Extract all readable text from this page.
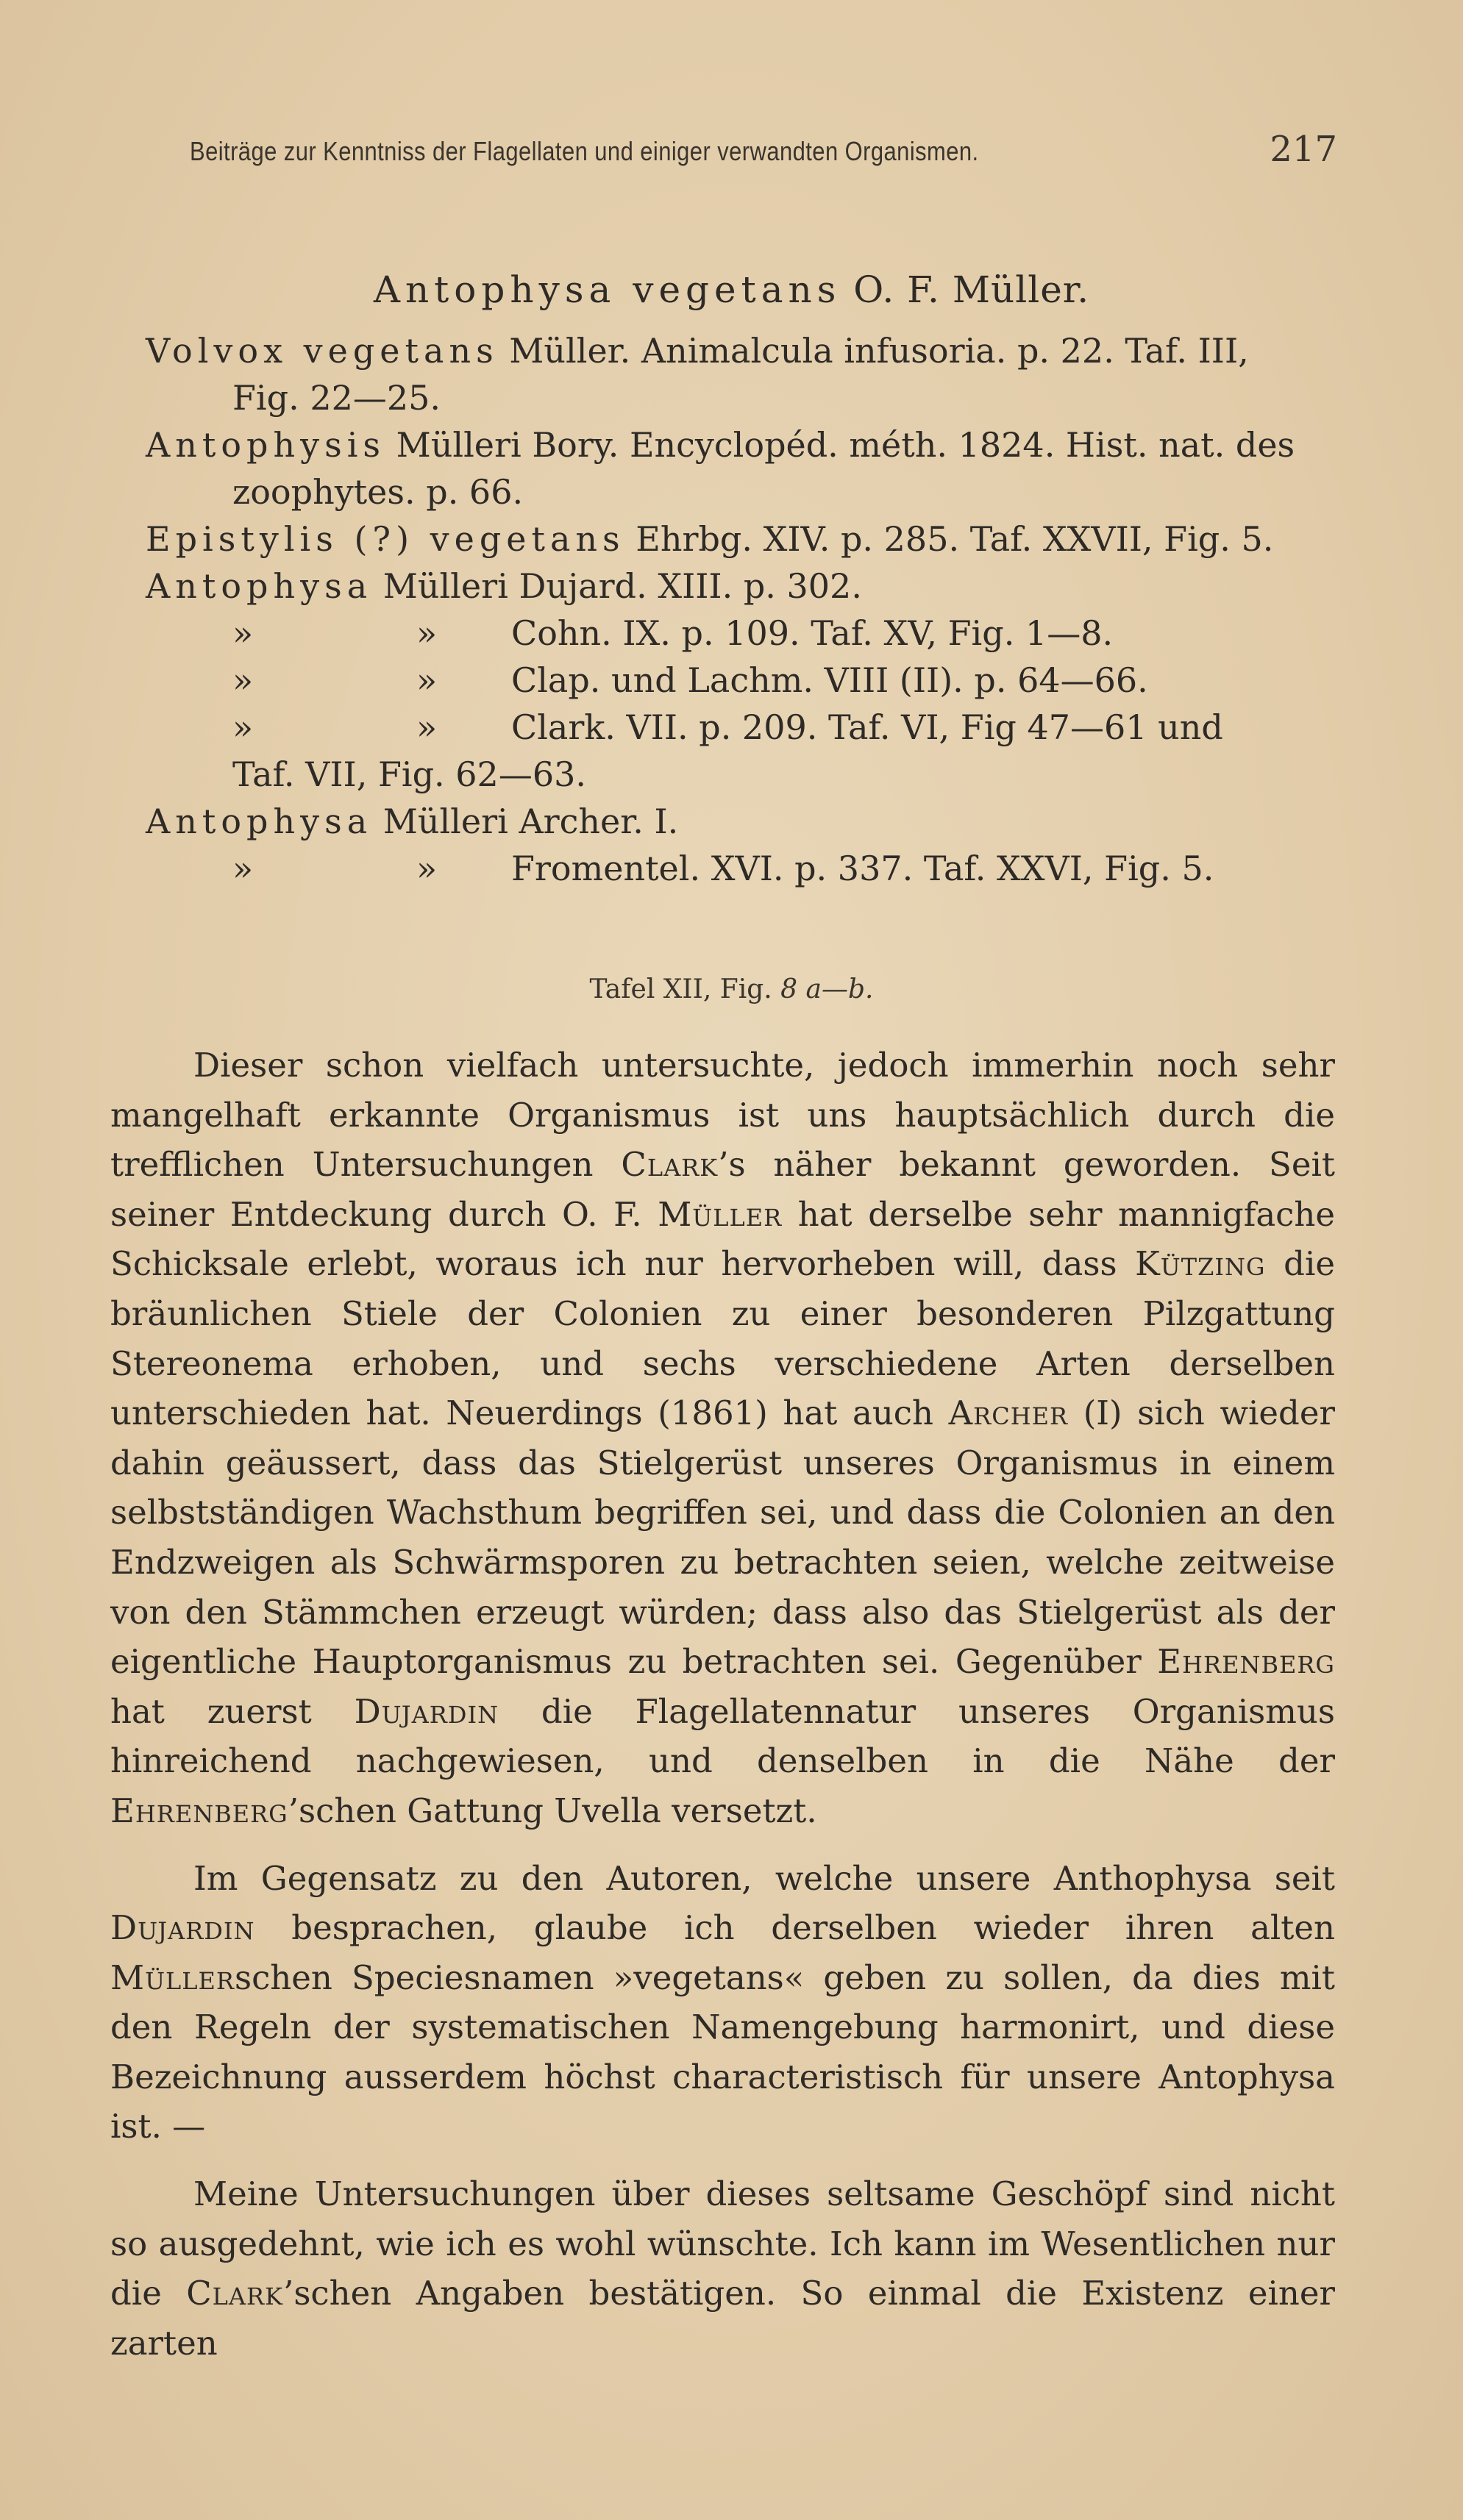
Beiträge zur Kenntniss der Flagellaten und einiger verwandten Organismen.	217
Antophysa vegetans O. F. Müller.
Volvox vegetans Müller. Animalcula infusoria. p. 22. Taf. III,
Fig. 22—25.
Antophysis Mülleri Bory. Encyclopéd. méth. 1824. Hist. nat. des
zoophytes. p. 66.
Epistylis (?) vegetans Ehrbg. XIV. p. 285. Taf. XXVII, Fig. 5.
Antophysa Mülleri Dujard. XIII. p. 302.
»	» Cohn. IX. p. 109. Taf. XV, Fig. 1—8.
»	» Clap. und Lachm. VIII (II). p. 64—66.
»	» Clark. VII. p. 209. Taf. VI, Fig 47—61 und
Taf. VII, Fig. 62—63.
Antophysa Mülleri Archer. I.
»	» Fromentel. XVI. p. 337. Taf. XXVI, Fig. 5.
Tafel XII, Fig. 8 a—b.

Dieser schon vielfach untersuchte, jedoch immerhin noch sehr mangelhaft erkannte Organismus ist uns hauptsächlich durch die trefflichen Untersuchungen Clark’s näher bekannt geworden. Seit seiner Entdeckung durch O. F. Müller hat derselbe sehr mannigfache Schicksale erlebt, woraus ich nur hervorheben will, dass Kützing die bräunlichen Stiele der Colonien zu einer besonderen Pilzgattung Stereonema erhoben, und sechs verschiedene Arten derselben unterschieden hat. Neuerdings (1861) hat auch Archer (I) sich wieder dahin geäussert, dass das Stielgerüst unseres Organismus in einem selbstständigen Wachsthum begriffen sei, und dass die Colonien an den Endzweigen als Schwärmsporen zu betrachten seien, welche zeitweise von den Stämmchen erzeugt würden; dass also das Stielgerüst als der eigentliche Hauptorganismus zu betrachten sei. Gegenüber Ehrenberg hat zuerst Dujardin die Flagellatennatur unseres Organismus hinreichend nachgewiesen, und denselben in die Nähe der Ehrenberg’schen Gattung Uvella versetzt.

Im Gegensatz zu den Autoren, welche unsere Anthophysa seit Dujardin besprachen, glaube ich derselben wieder ihren alten Müllerschen Speciesnamen »vegetans« geben zu sollen, da dies mit den Regeln der systematischen Namengebung harmonirt, und diese Bezeichnung ausserdem höchst characteristisch für unsere Antophysa ist. —

Meine Untersuchungen über dieses seltsame Geschöpf sind nicht so ausgedehnt, wie ich es wohl wünschte. Ich kann im Wesentlichen nur die Clark’schen Angaben bestätigen. So einmal die Existenz einer zarten
